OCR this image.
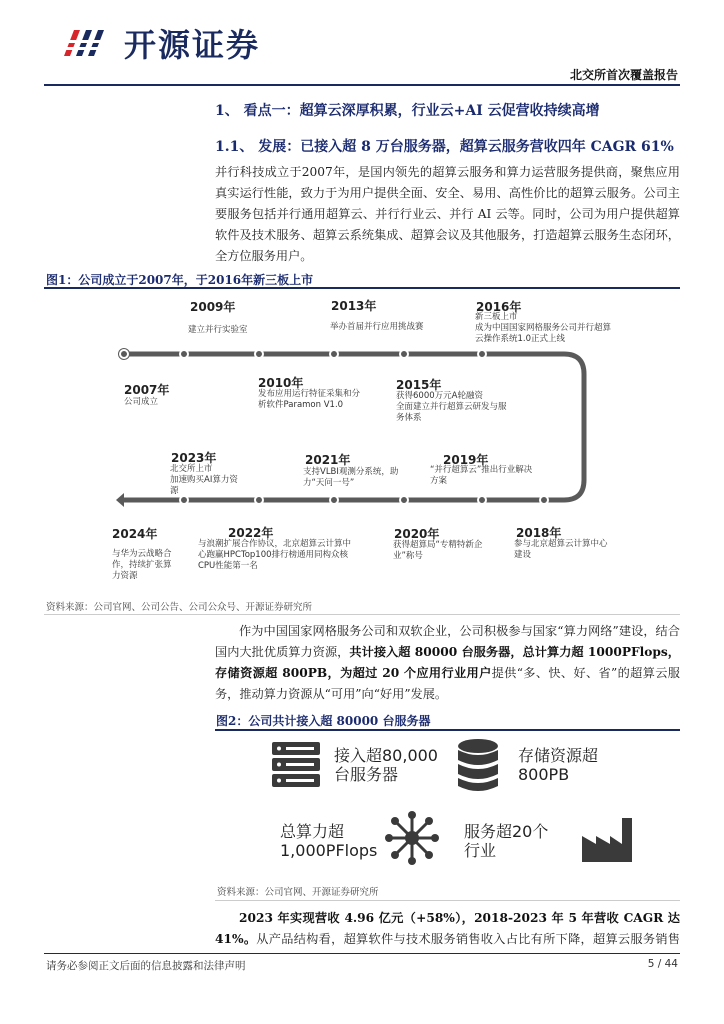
开源证券
北交所首次覆盖报告
1、 看点一：超算云深厚积累，行业云+AI 云促营收持续高增
1.1、 发展：已接入超 8 万台服务器，超算云服务营收四年 CAGR 61%
并行科技成立于2007年，是国内领先的超算云服务和算力运营服务提供商，聚焦应用真实运行性能，致力于为用户提供全面、安全、易用、高性价比的超算云服务。公司主要服务包括并行通用超算云、并行行业云、并行 AI 云等。同时，公司为用户提供超算软件及技术服务、超算云系统集成、超算会议及其他服务，打造超算云服务生态闭环，全方位服务用户。
图1：公司成立于2007年，于2016年新三板上市
2009年
建立并行实验室
2013年
举办首届并行应用挑战赛
2016年
新三板上市
成为中国国家网格服务公司并行超算云操作系统1.0正式上线
2007年
公司成立
2010年
发布应用运行特征采集和分析软件Paramon V1.0
2015年
获得6000万元A轮融资
全面建立并行超算云研发与服务体系
2023年
北交所上市
加速购买AI算力资源
2021年
支持VLBI观测分系统，助力“天问一号”
2019年
“并行超算云”推出行业解决方案
2024年
与华为云战略合作，持续扩张算力资源
2022年
与浪潮扩展合作协议，北京超算云计算中心跑赢HPCTop100排行榜通用同构众核CPU性能第一名
2020年
获得超算局“专精特新企业”称号
2018年
参与北京超算云计算中心建设
资料来源：公司官网、公司公告、公司公众号、开源证券研究所
作为中国国家网格服务公司和双软企业，公司积极参与国家“算力网络”建设，结合国内大批优质算力资源，共计接入超 80000 台服务器，总计算力超 1000PFlops，存储资源超 800PB，为超过 20 个应用行业用户提供“多、快、好、省”的超算云服务，推动算力资源从“可用”向“好用”发展。
图2：公司共计接入超 80000 台服务器
接入超80,000
台服务器
存储资源超
800PB
总算力超
1,000PFlops
服务超20个
行业
资料来源：公司官网、开源证券研究所
2023 年实现营收 4.96 亿元（+58%），2018-2023 年 5 年营收 CAGR 达 41%。从产品结构看，超算软件与技术服务销售收入占比有所下降，超算云服务销售
请务必参阅正文后面的信息披露和法律声明	5 / 44
